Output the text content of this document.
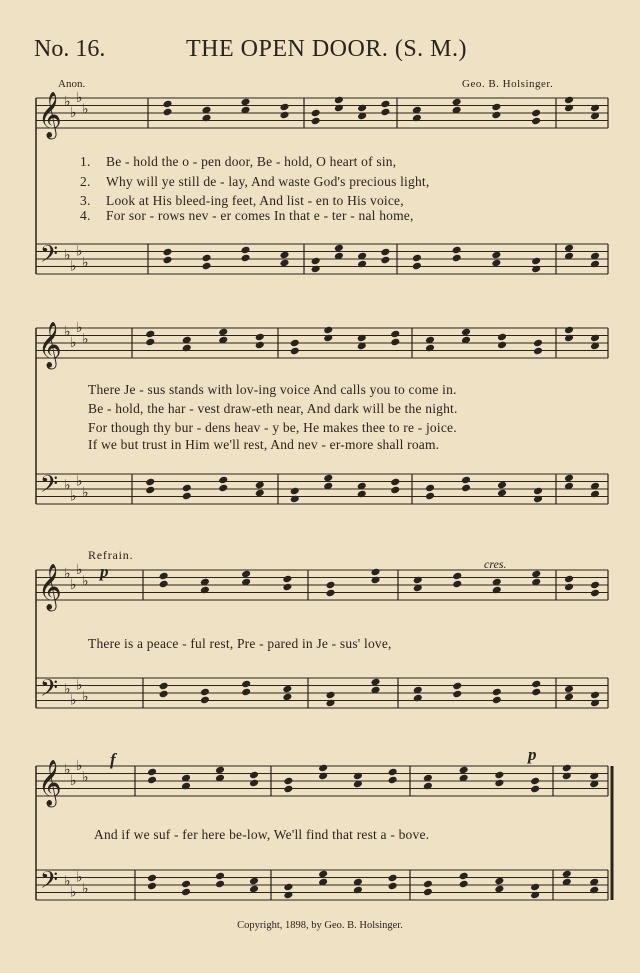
No. 16.	THE OPEN DOOR. (S. M.)
Anon.	Geo. B. Holsinger.
𝄞
𝄢
♭
♭
♭
♭
♭
♭
♭
♭
𝄞
𝄢
♭
♭
♭
♭
♭
♭
♭
♭
𝄞
𝄢
♭
♭
♭
♭
♭
♭
♭
♭
𝄞
𝄢
♭
♭
♭
♭
♭
♭
♭
♭
1. Be - hold the o - pen door, Be - hold, O heart of sin,
2. Why will ye still de - lay, And waste God's precious light,
3. Look at His bleed-ing feet, And list - en to His voice,
4. For sor - rows nev - er comes In that e - ter - nal home,
There Je - sus stands with lov-ing voice And calls you to come in.
Be - hold, the har - vest draw-eth near, And dark will be the night.
For though thy bur - dens heav - y be, He makes thee to re - joice.
If we but trust in Him we'll rest, And nev - er-more shall roam.
Refrain.
p	cres.
There is a peace - ful rest, Pre - pared in Je - sus' love,
f	p
And if we suf - fer here be-low, We'll find that rest a - bove.
Copyright, 1898, by Geo. B. Holsinger.
